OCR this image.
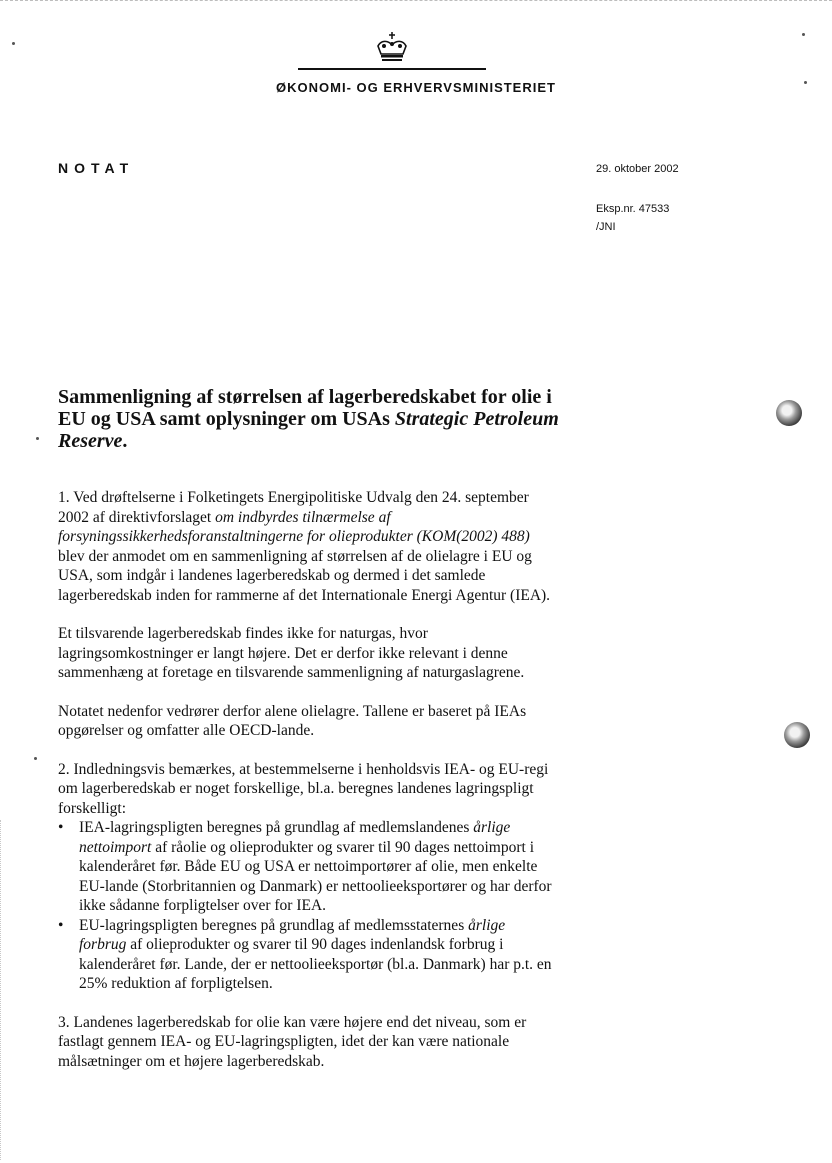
ØKONOMI- OG ERHVERVSMINISTERIET
NOTAT	29. oktober 2002
Eksp.nr. 47533
/JNI
Sammenligning af størrelsen af lagerberedskabet for olie i EU og USA samt oplysninger om USAs Strategic Petroleum Reserve.

1. Ved drøftelserne i Folketingets Energipolitiske Udvalg den 24. september 2002 af direktivforslaget om indbyrdes tilnærmelse af forsyningssikkerhedsforanstaltningerne for olieprodukter (KOM(2002) 488) blev der anmodet om en sammenligning af størrelsen af de olielagre i EU og USA, som indgår i landenes lagerberedskab og dermed i det samlede lagerberedskab inden for rammerne af det Internationale Energi Agentur (IEA).

Et tilsvarende lagerberedskab findes ikke for naturgas, hvor lagringsomkostninger er langt højere. Det er derfor ikke relevant i denne sammenhæng at foretage en tilsvarende sammenligning af naturgaslagrene.

Notatet nedenfor vedrører derfor alene olielagre. Tallene er baseret på IEAs opgørelser og omfatter alle OECD-lande.

2. Indledningsvis bemærkes, at bestemmelserne i henholdsvis IEA- og EU-regi om lagerberedskab er noget forskellige, bl.a. beregnes landenes lagringspligt forskelligt:

• IEA-lagringspligten beregnes på grundlag af medlemslandenes årlige nettoimport af råolie og olieprodukter og svarer til 90 dages nettoimport i kalenderåret før. Både EU og USA er nettoimportører af olie, men enkelte EU-lande (Storbritannien og Danmark) er nettoolieeksportører og har derfor ikke sådanne forpligtelser over for IEA.
• EU-lagringspligten beregnes på grundlag af medlemsstaternes årlige forbrug af olieprodukter og svarer til 90 dages indenlandsk forbrug i kalenderåret før. Lande, der er nettoolieeksportør (bl.a. Danmark) har p.t. en 25% reduktion af forpligtelsen.

3. Landenes lagerberedskab for olie kan være højere end det niveau, som er fastlagt gennem IEA- og EU-lagringspligten, idet der kan være nationale målsætninger om et højere lagerberedskab.
